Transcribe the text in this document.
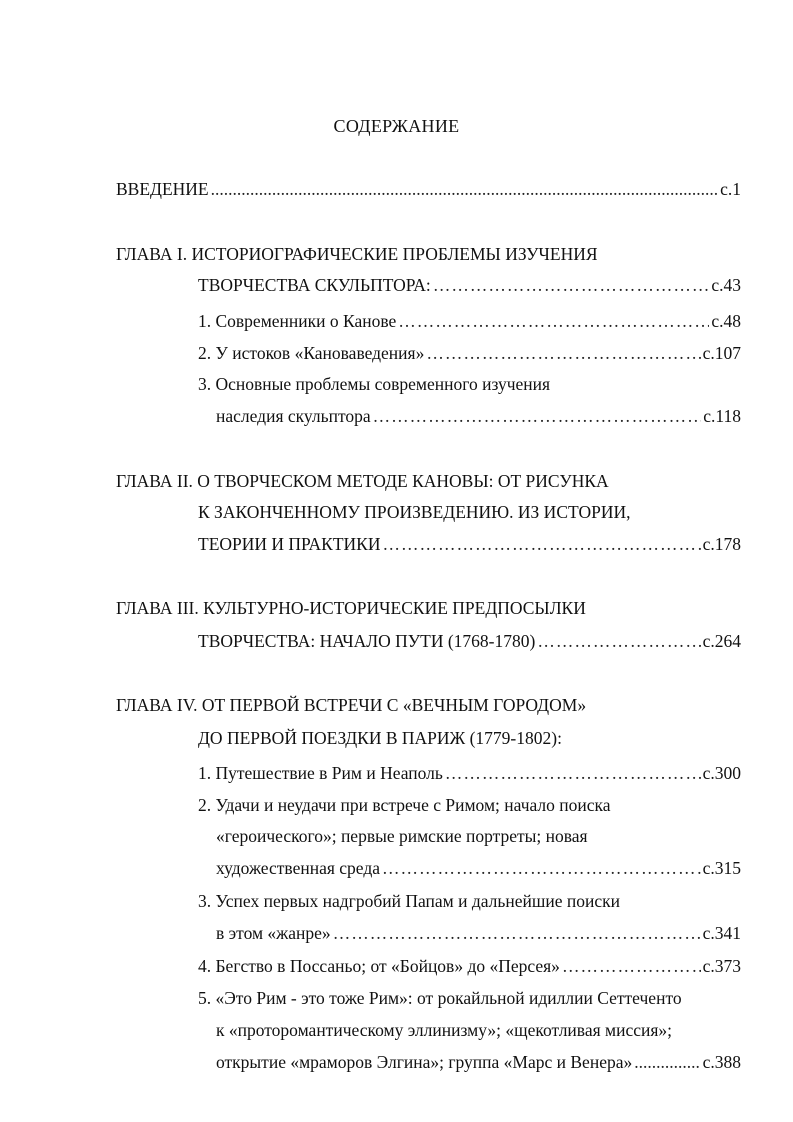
СОДЕРЖАНИЕ
ВВЕДЕНИЕ .....	с.1
ГЛАВА I. ИСТОРИОГРАФИЧЕСКИЕ ПРОБЛЕМЫ ИЗУЧЕНИЯ
ТВОРЧЕСТВА СКУЛЬПТОРА: …………………………………………………………………………………………………………………………………………………………………………	с.43
1. Современники о Канове …………………………………………………………………………………………………………………………………………………………………………	с.48
2. У истоков «Кановаведения» …………………………………………………………………………………………………………………………………………………………………………	с.107
3. Основные проблемы современного изучения
наследия скульптора …………………………………………………………………………………………………………………………………………………………………………	с.118
ГЛАВА II. О ТВОРЧЕСКОМ МЕТОДЕ КАНОВЫ: ОТ РИСУНКА
К ЗАКОНЧЕННОМУ ПРОИЗВЕДЕНИЮ. ИЗ ИСТОРИИ,
ТЕОРИИ И ПРАКТИКИ …………………………………………………………………………………………………………………………………………………………………………	с.178
ГЛАВА III. КУЛЬТУРНО-ИСТОРИЧЕСКИЕ ПРЕДПОСЫЛКИ
ТВОРЧЕСТВА: НАЧАЛО ПУТИ (1768-1780) …………………………………………………………………………………………………………………………………………………………………………	с.264
ГЛАВА IV. ОТ ПЕРВОЙ ВСТРЕЧИ С «ВЕЧНЫМ ГОРОДОМ»
ДО ПЕРВОЙ ПОЕЗДКИ В ПАРИЖ (1779-1802):
1. Путешествие в Рим и Неаполь …………………………………………………………………………………………………………………………………………………………………………	с.300
2. Удачи и неудачи при встрече с Римом; начало поиска
«героического»; первые римские портреты; новая
художественная среда …………………………………………………………………………………………………………………………………………………………………………	с.315
3. Успех первых надгробий Папам и дальнейшие поиски
в этом «жанре» …………………………………………………………………………………………………………………………………………………………………………	с.341
4. Бегство в Поссаньо; от «Бойцов» до «Персея» …………………………………………………………………………………………………………………………………………………………………………	с.373
5. «Это Рим - это тоже Рим»: от рокайльной идиллии Сеттеченто
к «проторомантическому эллинизму»; «щекотливая миссия»;
открытие «мраморов Элгина»; группа «Марс и Венера» .....	с.388
